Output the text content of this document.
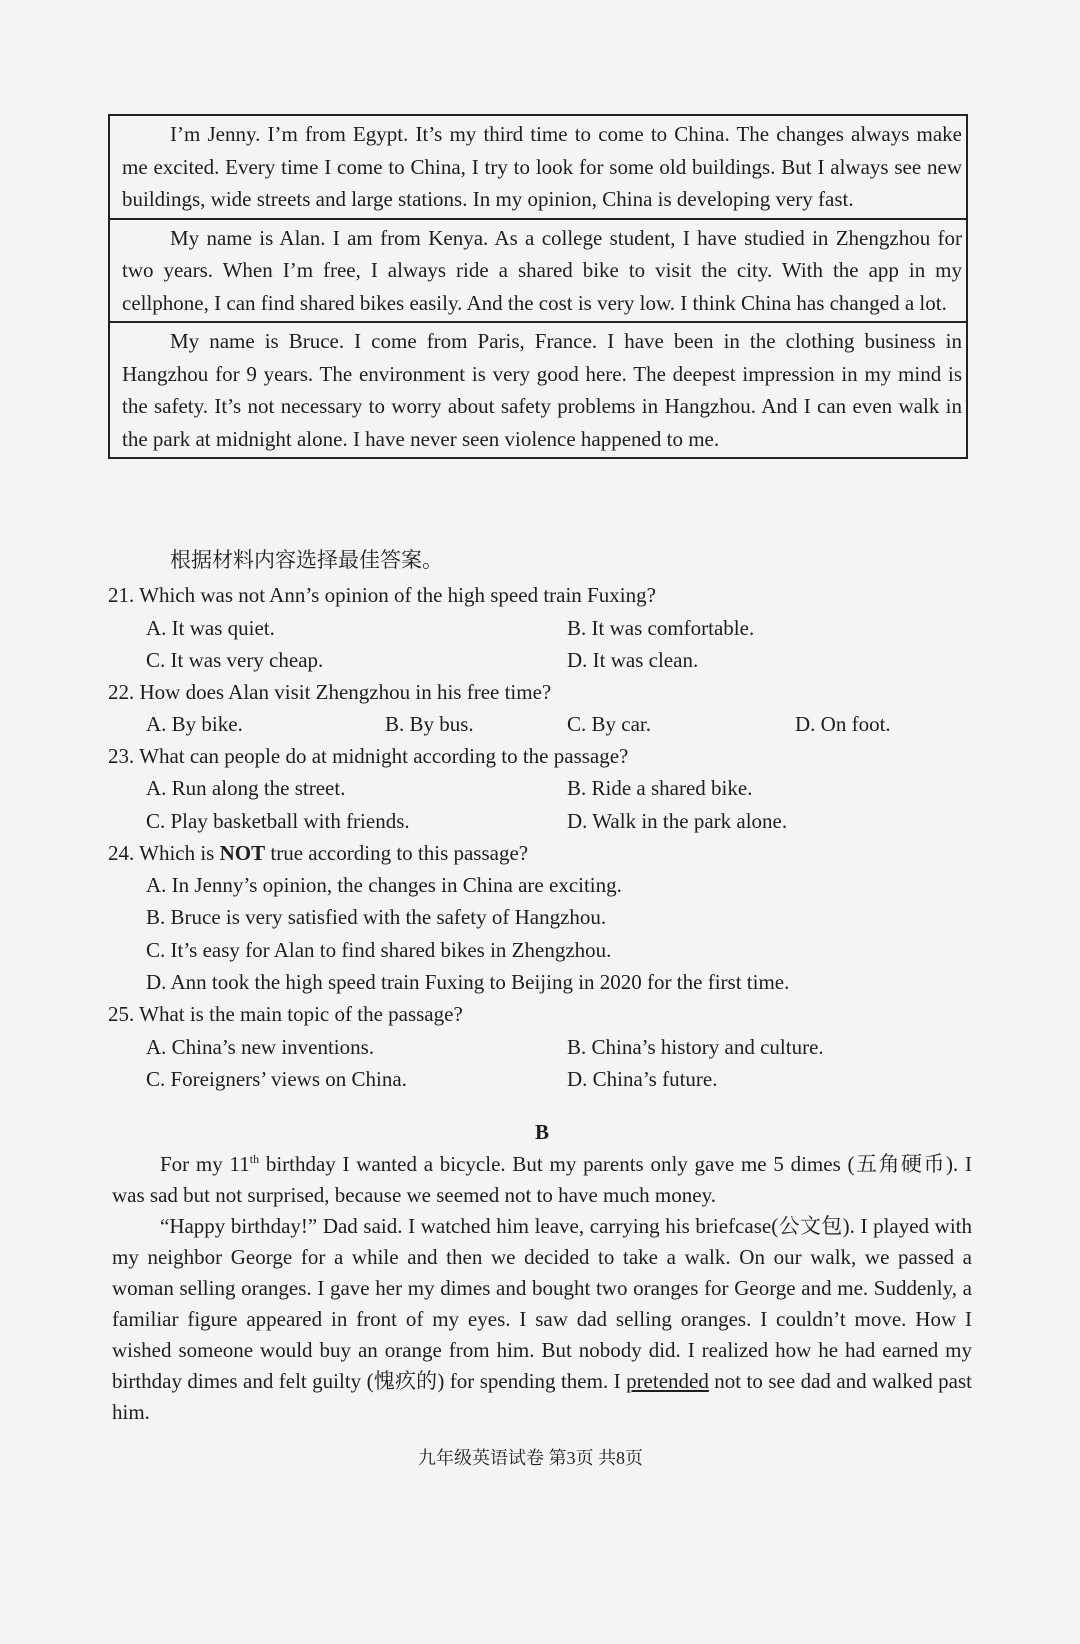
I’m Jenny. I’m from Egypt. It’s my third time to come to China. The changes always make me excited. Every time I come to China, I try to look for some old buildings. But I always see new buildings, wide streets and large stations. In my opinion, China is developing very fast.

My name is Alan. I am from Kenya. As a college student, I have studied in Zhengzhou for two years. When I’m free, I always ride a shared bike to visit the city. With the app in my cellphone, I can find shared bikes easily. And the cost is very low. I think China has changed a lot.

My name is Bruce. I come from Paris, France. I have been in the clothing business in Hangzhou for 9 years. The environment is very good here. The deepest impression in my mind is the safety. It’s not necessary to worry about safety problems in Hangzhou. And I can even walk in the park at midnight alone. I have never seen violence happened to me.

根据材料内容选择最佳答案。
21. Which was not Ann’s opinion of the high speed train Fuxing?
A. It was quiet.	B. It was comfortable.
C. It was very cheap.	D. It was clean.
22. How does Alan visit Zhengzhou in his free time?
A. By bike.	B. By bus.	C. By car.	D. On foot.
23. What can people do at midnight according to the passage?
A. Run along the street.	B. Ride a shared bike.
C. Play basketball with friends.	D. Walk in the park alone.
24. Which is NOT true according to this passage?
A. In Jenny’s opinion, the changes in China are exciting.
B. Bruce is very satisfied with the safety of Hangzhou.
C. It’s easy for Alan to find shared bikes in Zhengzhou.
D. Ann took the high speed train Fuxing to Beijing in 2020 for the first time.
25. What is the main topic of the passage?
A. China’s new inventions.	B. China’s history and culture.
C. Foreigners’ views on China.	D. China’s future.
B

For my 11th birthday I wanted a bicycle. But my parents only gave me 5 dimes (五角硬币). I was sad but not surprised, because we seemed not to have much money.

“Happy birthday!” Dad said. I watched him leave, carrying his briefcase(公文包). I played with my neighbor George for a while and then we decided to take a walk. On our walk, we passed a woman selling oranges. I gave her my dimes and bought two oranges for George and me. Suddenly, a familiar figure appeared in front of my eyes. I saw dad selling oranges. I couldn’t move. How I wished someone would buy an orange from him. But nobody did. I realized how he had earned my birthday dimes and felt guilty (愧疚的) for spending them. I pretended not to see dad and walked past him.

九年级英语试卷 第3页 共8页
